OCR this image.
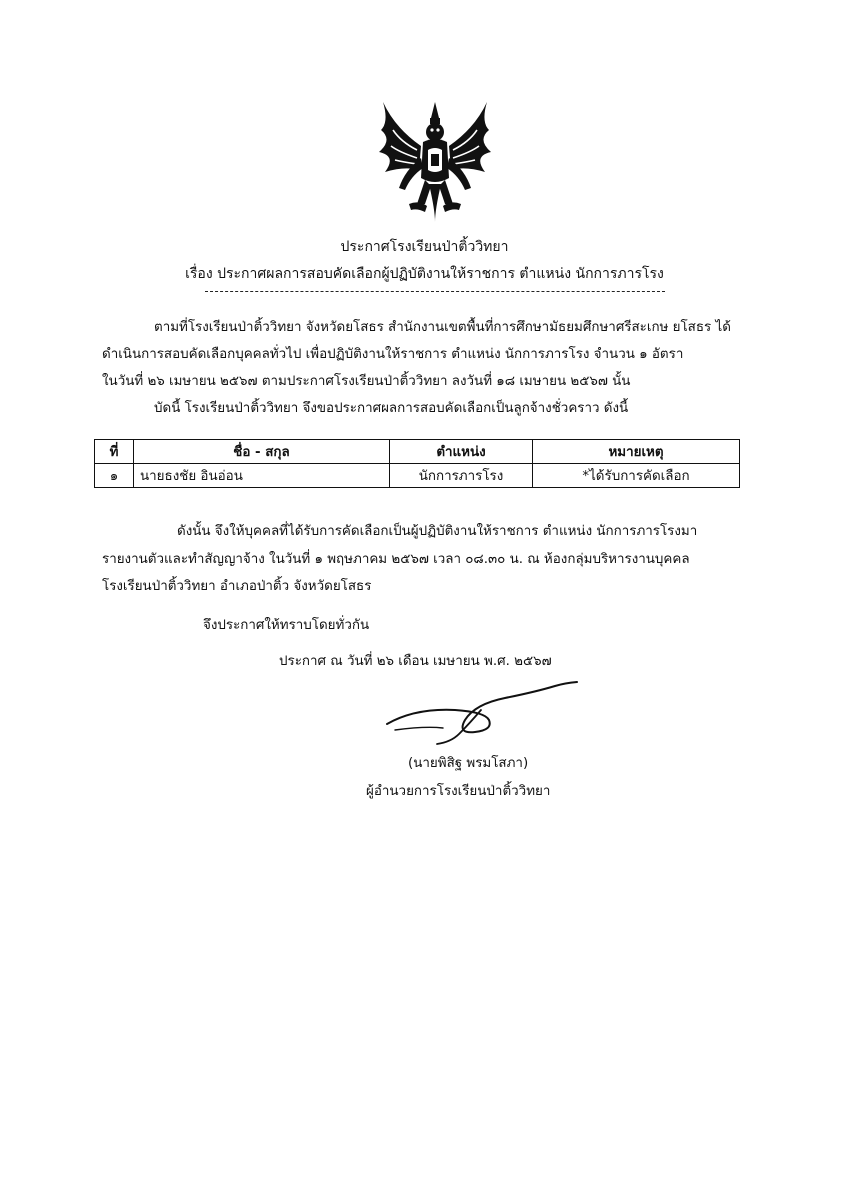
ประกาศโรงเรียนป่าติ้ววิทยา
เรื่อง ประกาศผลการสอบคัดเลือกผู้ปฏิบัติงานให้ราชการ ตำแหน่ง นักการภารโรง
ตามที่โรงเรียนป่าติ้ววิทยา จังหวัดยโสธร สำนักงานเขตพื้นที่การศึกษามัธยมศึกษาศรีสะเกษ ยโสธร ได้
ดำเนินการสอบคัดเลือกบุคคลทั่วไป เพื่อปฏิบัติงานให้ราชการ ตำแหน่ง นักการภารโรง จำนวน ๑ อัตรา
ในวันที่ ๒๖ เมษายน ๒๕๖๗ ตามประกาศโรงเรียนป่าติ้ววิทยา ลงวันที่ ๑๘ เมษายน ๒๕๖๗ นั้น
บัดนี้ โรงเรียนป่าติ้ววิทยา จึงขอประกาศผลการสอบคัดเลือกเป็นลูกจ้างชั่วคราว ดังนี้
ที่	ชื่อ - สกุล	ตำแหน่ง	หมายเหตุ
๑	นายธงชัย อินอ่อน	นักการภารโรง	*ได้รับการคัดเลือก
ดังนั้น จึงให้บุคคลที่ได้รับการคัดเลือกเป็นผู้ปฏิบัติงานให้ราชการ ตำแหน่ง นักการภารโรงมา
รายงานตัวและทำสัญญาจ้าง ในวันที่ ๑ พฤษภาคม ๒๕๖๗ เวลา ๐๘.๓๐ น. ณ ห้องกลุ่มบริหารงานบุคคล
โรงเรียนป่าติ้ววิทยา อำเภอป่าติ้ว จังหวัดยโสธร
จึงประกาศให้ทราบโดยทั่วกัน
ประกาศ ณ วันที่ ๒๖ เดือน เมษายน พ.ศ. ๒๕๖๗
(นายพิสิฐ พรมโสภา)
ผู้อำนวยการโรงเรียนป่าติ้ววิทยา
